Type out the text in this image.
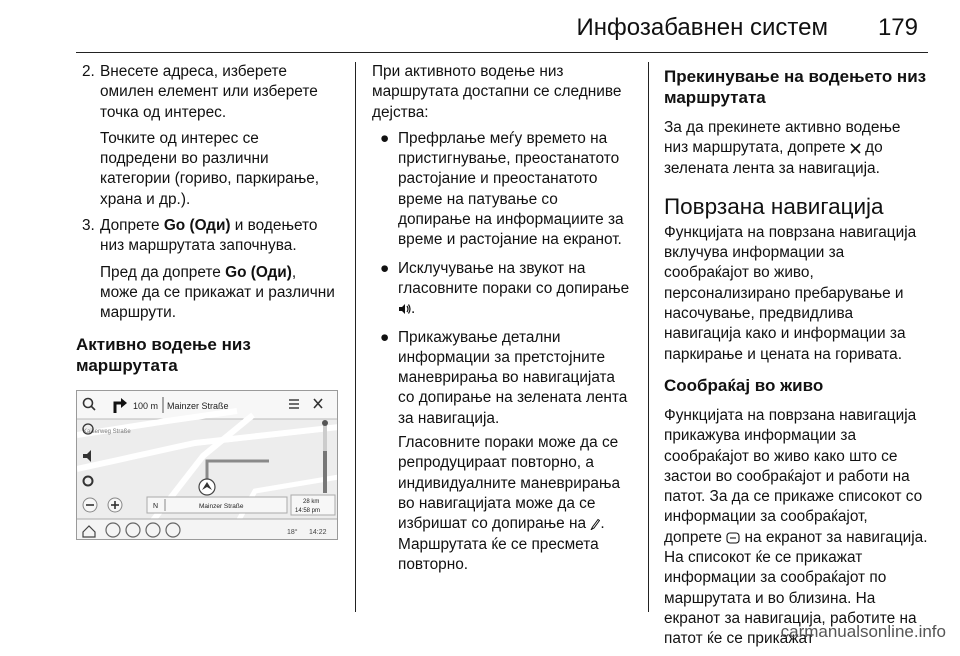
Инфозабавнен систем 179
2. Внесете адреса, изберете омилен елемент или изберете точка од интерес.
Точките од интерес се подредени во различни категории (гориво, паркирање, храна и др.).
3. Допрете Go (Оди) и водењето низ маршрутата започнува.
Пред да допрете Go (Оди), може да се прикажат и различни маршрути.
Активно водење низ маршрутата
100 m Mainzer Straße
Kaiserweg Straße
N	Mainzer Straße
28 km
14:58 pm
18° 14:22
При активното водење низ маршрутата достапни се следниве дејства:
● Префрлање меѓу времето на пристигнување, преостанатото растојание и преостанатото време на патување со допирање на информациите за време и растојание на екранот.
● Исклучување на звукот на гласовните пораки со допирање .
● Прикажување детални информации за претстојните маневрирања во навигацијата со допирање на зелената лента за навигација.
Гласовните пораки може да се репродуцираат повторно, а индивидуалните маневрирања во навигацијата може да се избришат со допирање на . Маршрутата ќе се пресмета повторно.
Прекинување на водењето низ маршрутата
За да прекинете активно водење низ маршрутата, допрете до зелената лента за навигација.
Поврзана навигација
Функцијата на поврзана навигација вклучува информации за сообраќајот во живо, персонализирано пребарување и насочување, предвидлива навигација како и информации за паркирање и цената на горивата.
Сообраќај во живо
Функцијата на поврзана навигација прикажува информации за сообраќајот во живо како што се застои во сообраќајот и работи на патот. За да се прикаже списокот со информации за сообраќајот, допрете на екранот за навигација. На списокот ќе се прикажат информации за сообраќајот по маршрутата и во близина. На екранот за навигација, работите на патот ќе се прикажат
carmanualsonline.info
